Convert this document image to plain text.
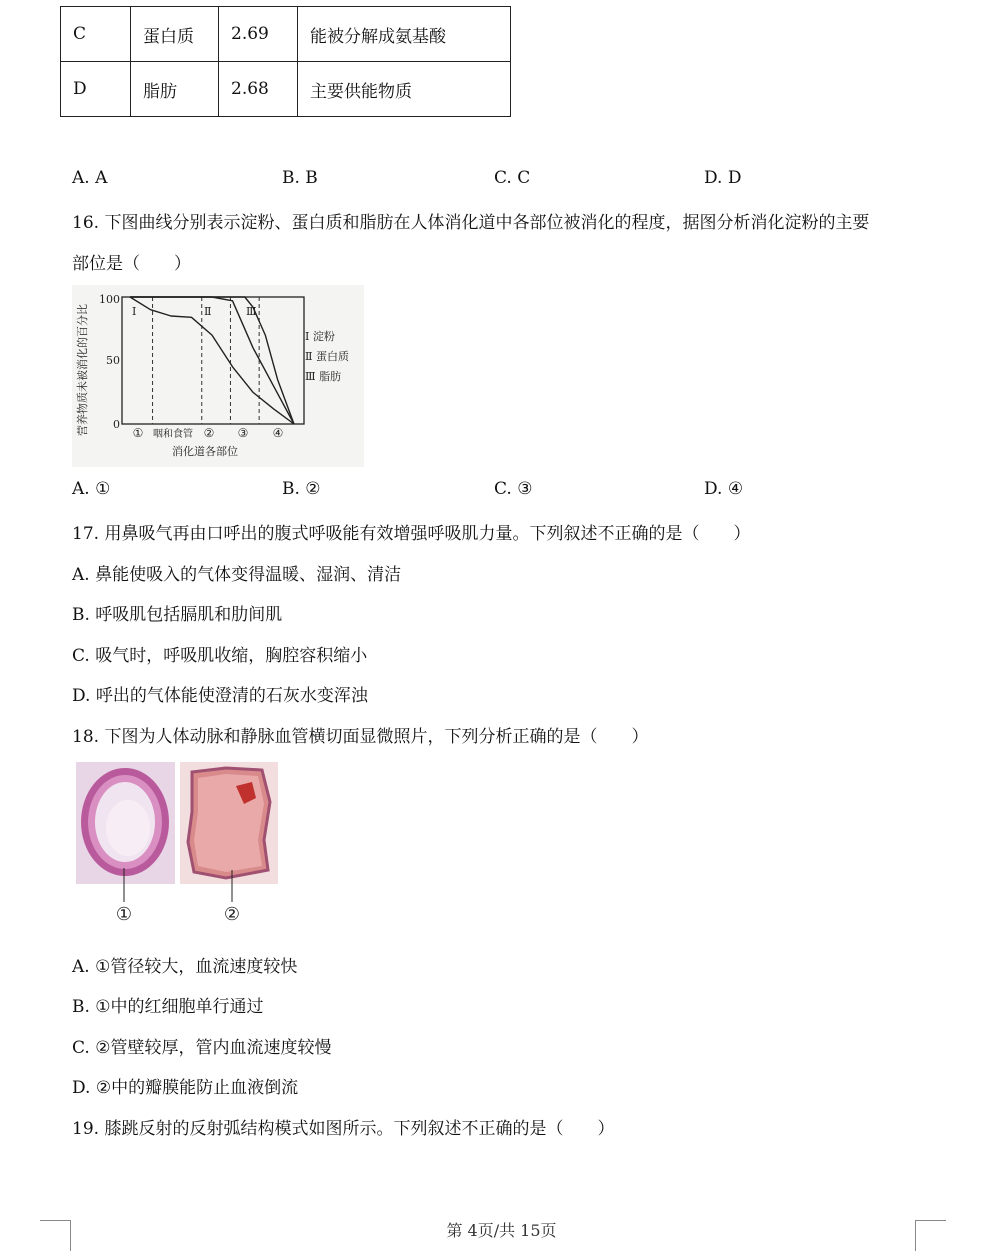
C	蛋白质	2.69	能被分解成氨基酸
D	脂肪	2.68	主要供能物质
A. A	B. B	C. C	D. D
16. 下图曲线分别表示淀粉、蛋白质和脂肪在人体消化道中各部位被消化的程度，据图分析消化淀粉的主要
部位是（　　）
营养物质未被消化的百分比
100
50
0
Ⅰ	Ⅱ	Ⅲ
Ⅰ 淀粉
Ⅱ 蛋白质
Ⅲ 脂肪
① 咽和食管 ② ③ ④
消化道各部位
A. ①	B. ②	C. ③	D. ④
17. 用鼻吸气再由口呼出的腹式呼吸能有效增强呼吸肌力量。下列叙述不正确的是（　　）
A. 鼻能使吸入的气体变得温暖、湿润、清洁
B. 呼吸肌包括膈肌和肋间肌
C. 吸气时，呼吸肌收缩，胸腔容积缩小
D. 呼出的气体能使澄清的石灰水变浑浊
18. 下图为人体动脉和静脉血管横切面显微照片，下列分析正确的是（　　）
①	②
A. ①管径较大，血流速度较快
B. ①中的红细胞单行通过
C. ②管壁较厚，管内血流速度较慢
D. ②中的瓣膜能防止血液倒流
19. 膝跳反射的反射弧结构模式如图所示。下列叙述不正确的是（　　）
第 4页/共 15页
